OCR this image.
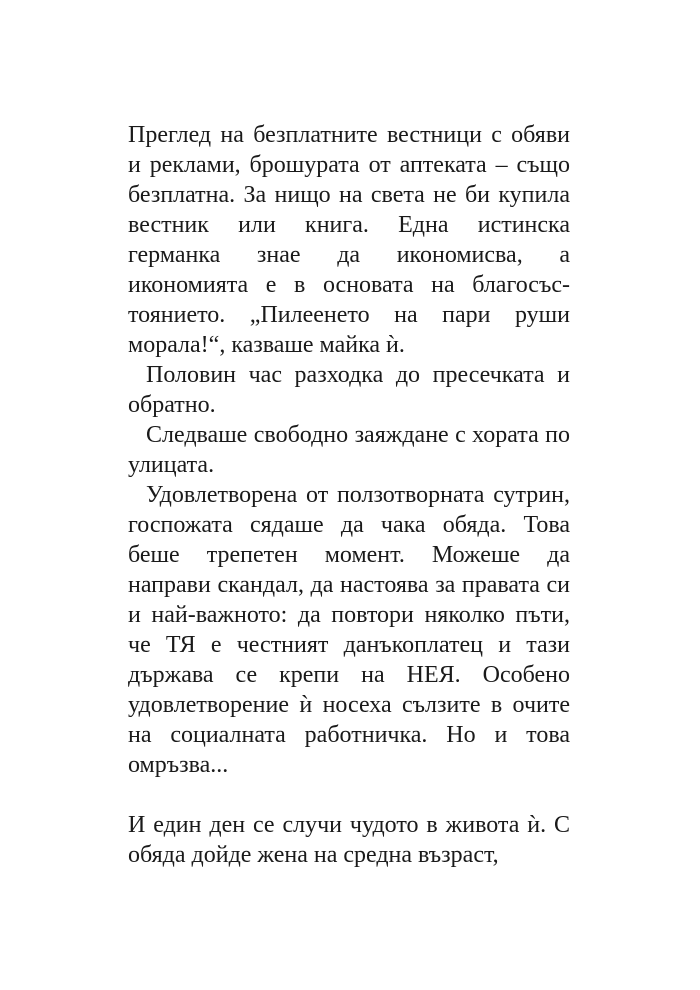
Преглед на безплатните вестници с обяви и реклами, брошурата от аптеката – също безплатна. За нищо на света не би купила вестник или книга. Една истинска германка знае да икономисва, а икономията е в основата на благосъстоянието. „Пилеенето на пари руши морала!“, казваше майка ѝ.

Половин час разходка до пресечката и обратно.

Следваше свободно заяждане с хората по улицата.

Удовлетворена от ползотворната сутрин, госпожата сядаше да чака обяда. Това беше трепетен момент. Можеше да направи скандал, да настоява за правата си и най-важното: да повтори няколко пъти, че ТЯ е честният данъкоплатец и тази държава се крепи на НЕЯ. Особено удовлетворение ѝ носеха сълзите в очите на социалната работничка. Но и това омръзва...

И един ден се случи чудото в живота ѝ. С обяда дойде жена на средна възраст,
